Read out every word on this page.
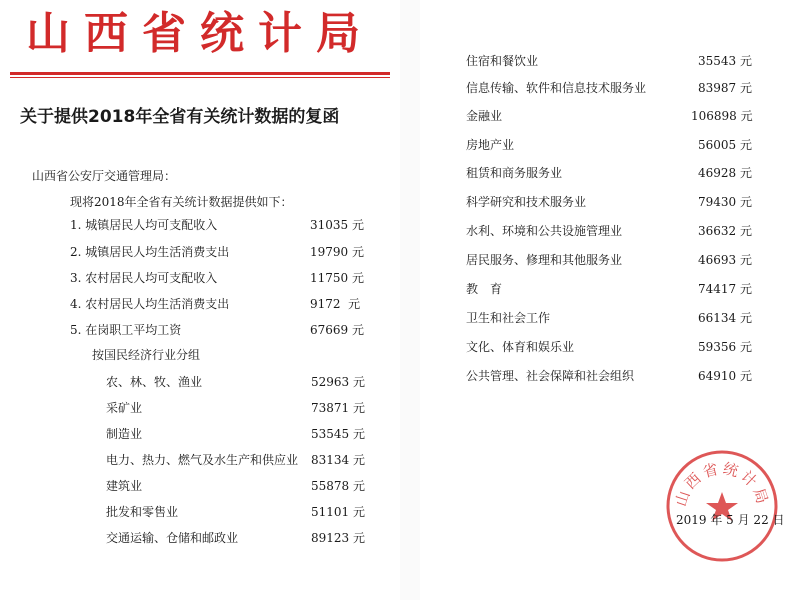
山西省统计局
关于提供2018年全省有关统计数据的复函
山西省公安厅交通管理局：
现将2018年全省有关统计数据提供如下：
1. 城镇居民人均可支配收入	31035 元
2. 城镇居民人均生活消费支出	19790 元
3. 农村居民人均可支配收入	11750 元
4. 农村居民人均生活消费支出	9172  元
5. 在岗职工平均工资	67669 元
按国民经济行业分组
农、林、牧、渔业	52963 元
采矿业	73871 元
制造业	53545 元
电力、热力、燃气及水生产和供应业 83134 元
建筑业	55878 元
批发和零售业	51101 元
交通运输、仓储和邮政业	89123 元
住宿和餐饮业	35543 元
信息传输、软件和信息技术服务业	83987 元
金融业	106898 元
房地产业	56005 元
租赁和商务服务业	46928 元
科学研究和技术服务业	79430 元
水利、环境和公共设施管理业	36632 元
居民服务、修理和其他服务业	46693 元
教　育	74417 元
卫生和社会工作	66134 元
文化、体育和娱乐业	59356 元
公共管理、社会保障和社会组织	64910 元
山西省统计局
2019 年 5 月 22 日
